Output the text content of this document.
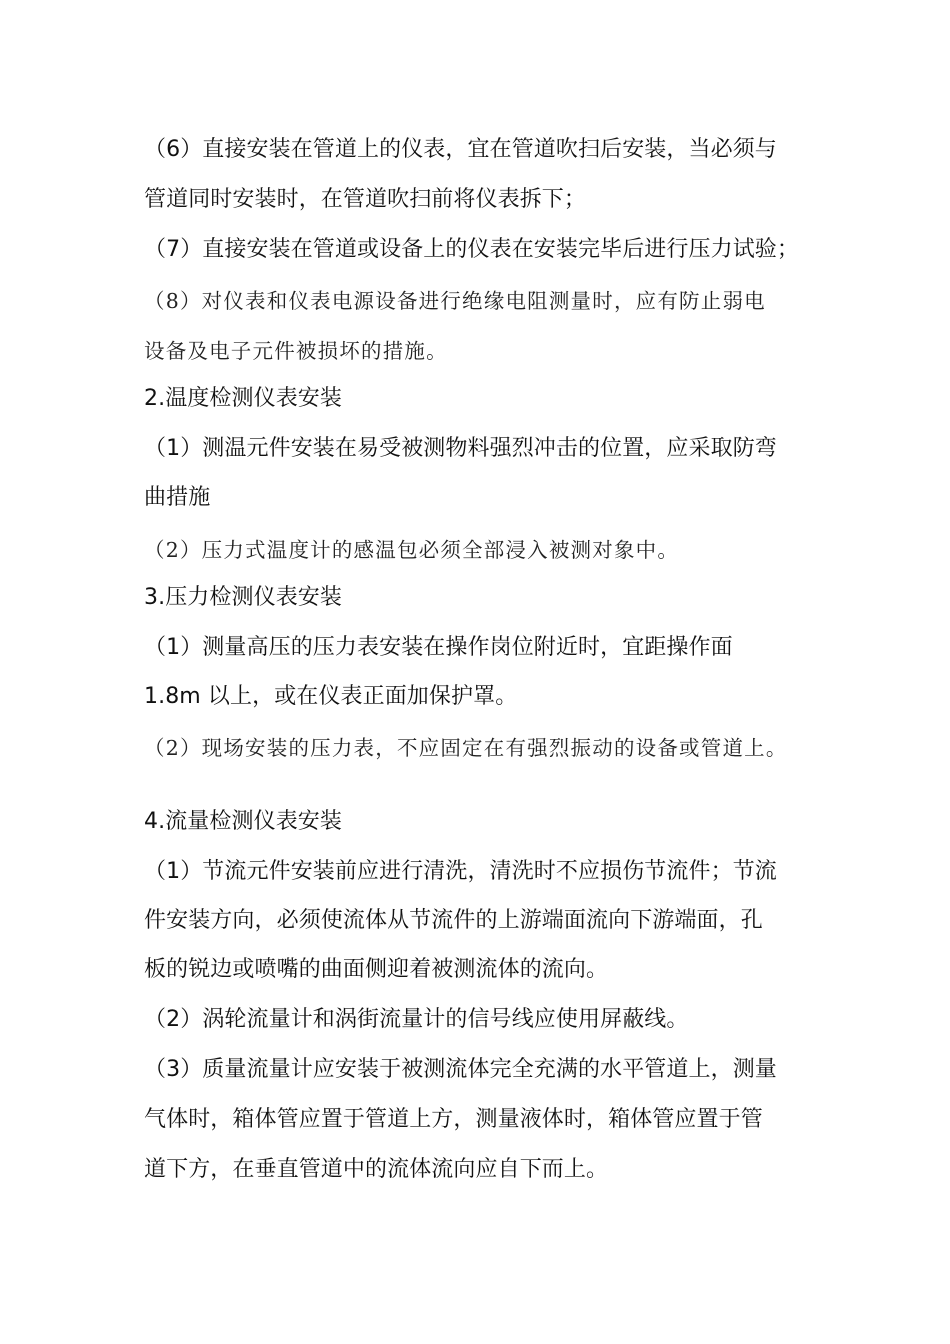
（6）直接安装在管道上的仪表，宜在管道吹扫后安装，当必须与
管道同时安装时，在管道吹扫前将仪表拆下；
（7）直接安装在管道或设备上的仪表在安装完毕后进行压力试验；
（8）对仪表和仪表电源设备进行绝缘电阻测量时，应有防止弱电
设备及电子元件被损坏的措施。
2.温度检测仪表安装
（1）测温元件安装在易受被测物料强烈冲击的位置，应采取防弯
曲措施
（2）压力式温度计的感温包必须全部浸入被测对象中。
3.压力检测仪表安装
（1）测量高压的压力表安装在操作岗位附近时，宜距操作面
1.8m 以上，或在仪表正面加保护罩。
（2）现场安装的压力表，不应固定在有强烈振动的设备或管道上。
4.流量检测仪表安装
（1）节流元件安装前应进行清洗，清洗时不应损伤节流件；节流
件安装方向，必须使流体从节流件的上游端面流向下游端面，孔
板的锐边或喷嘴的曲面侧迎着被测流体的流向。
（2）涡轮流量计和涡街流量计的信号线应使用屏蔽线。
（3）质量流量计应安装于被测流体完全充满的水平管道上，测量
气体时，箱体管应置于管道上方，测量液体时，箱体管应置于管
道下方，在垂直管道中的流体流向应自下而上。
